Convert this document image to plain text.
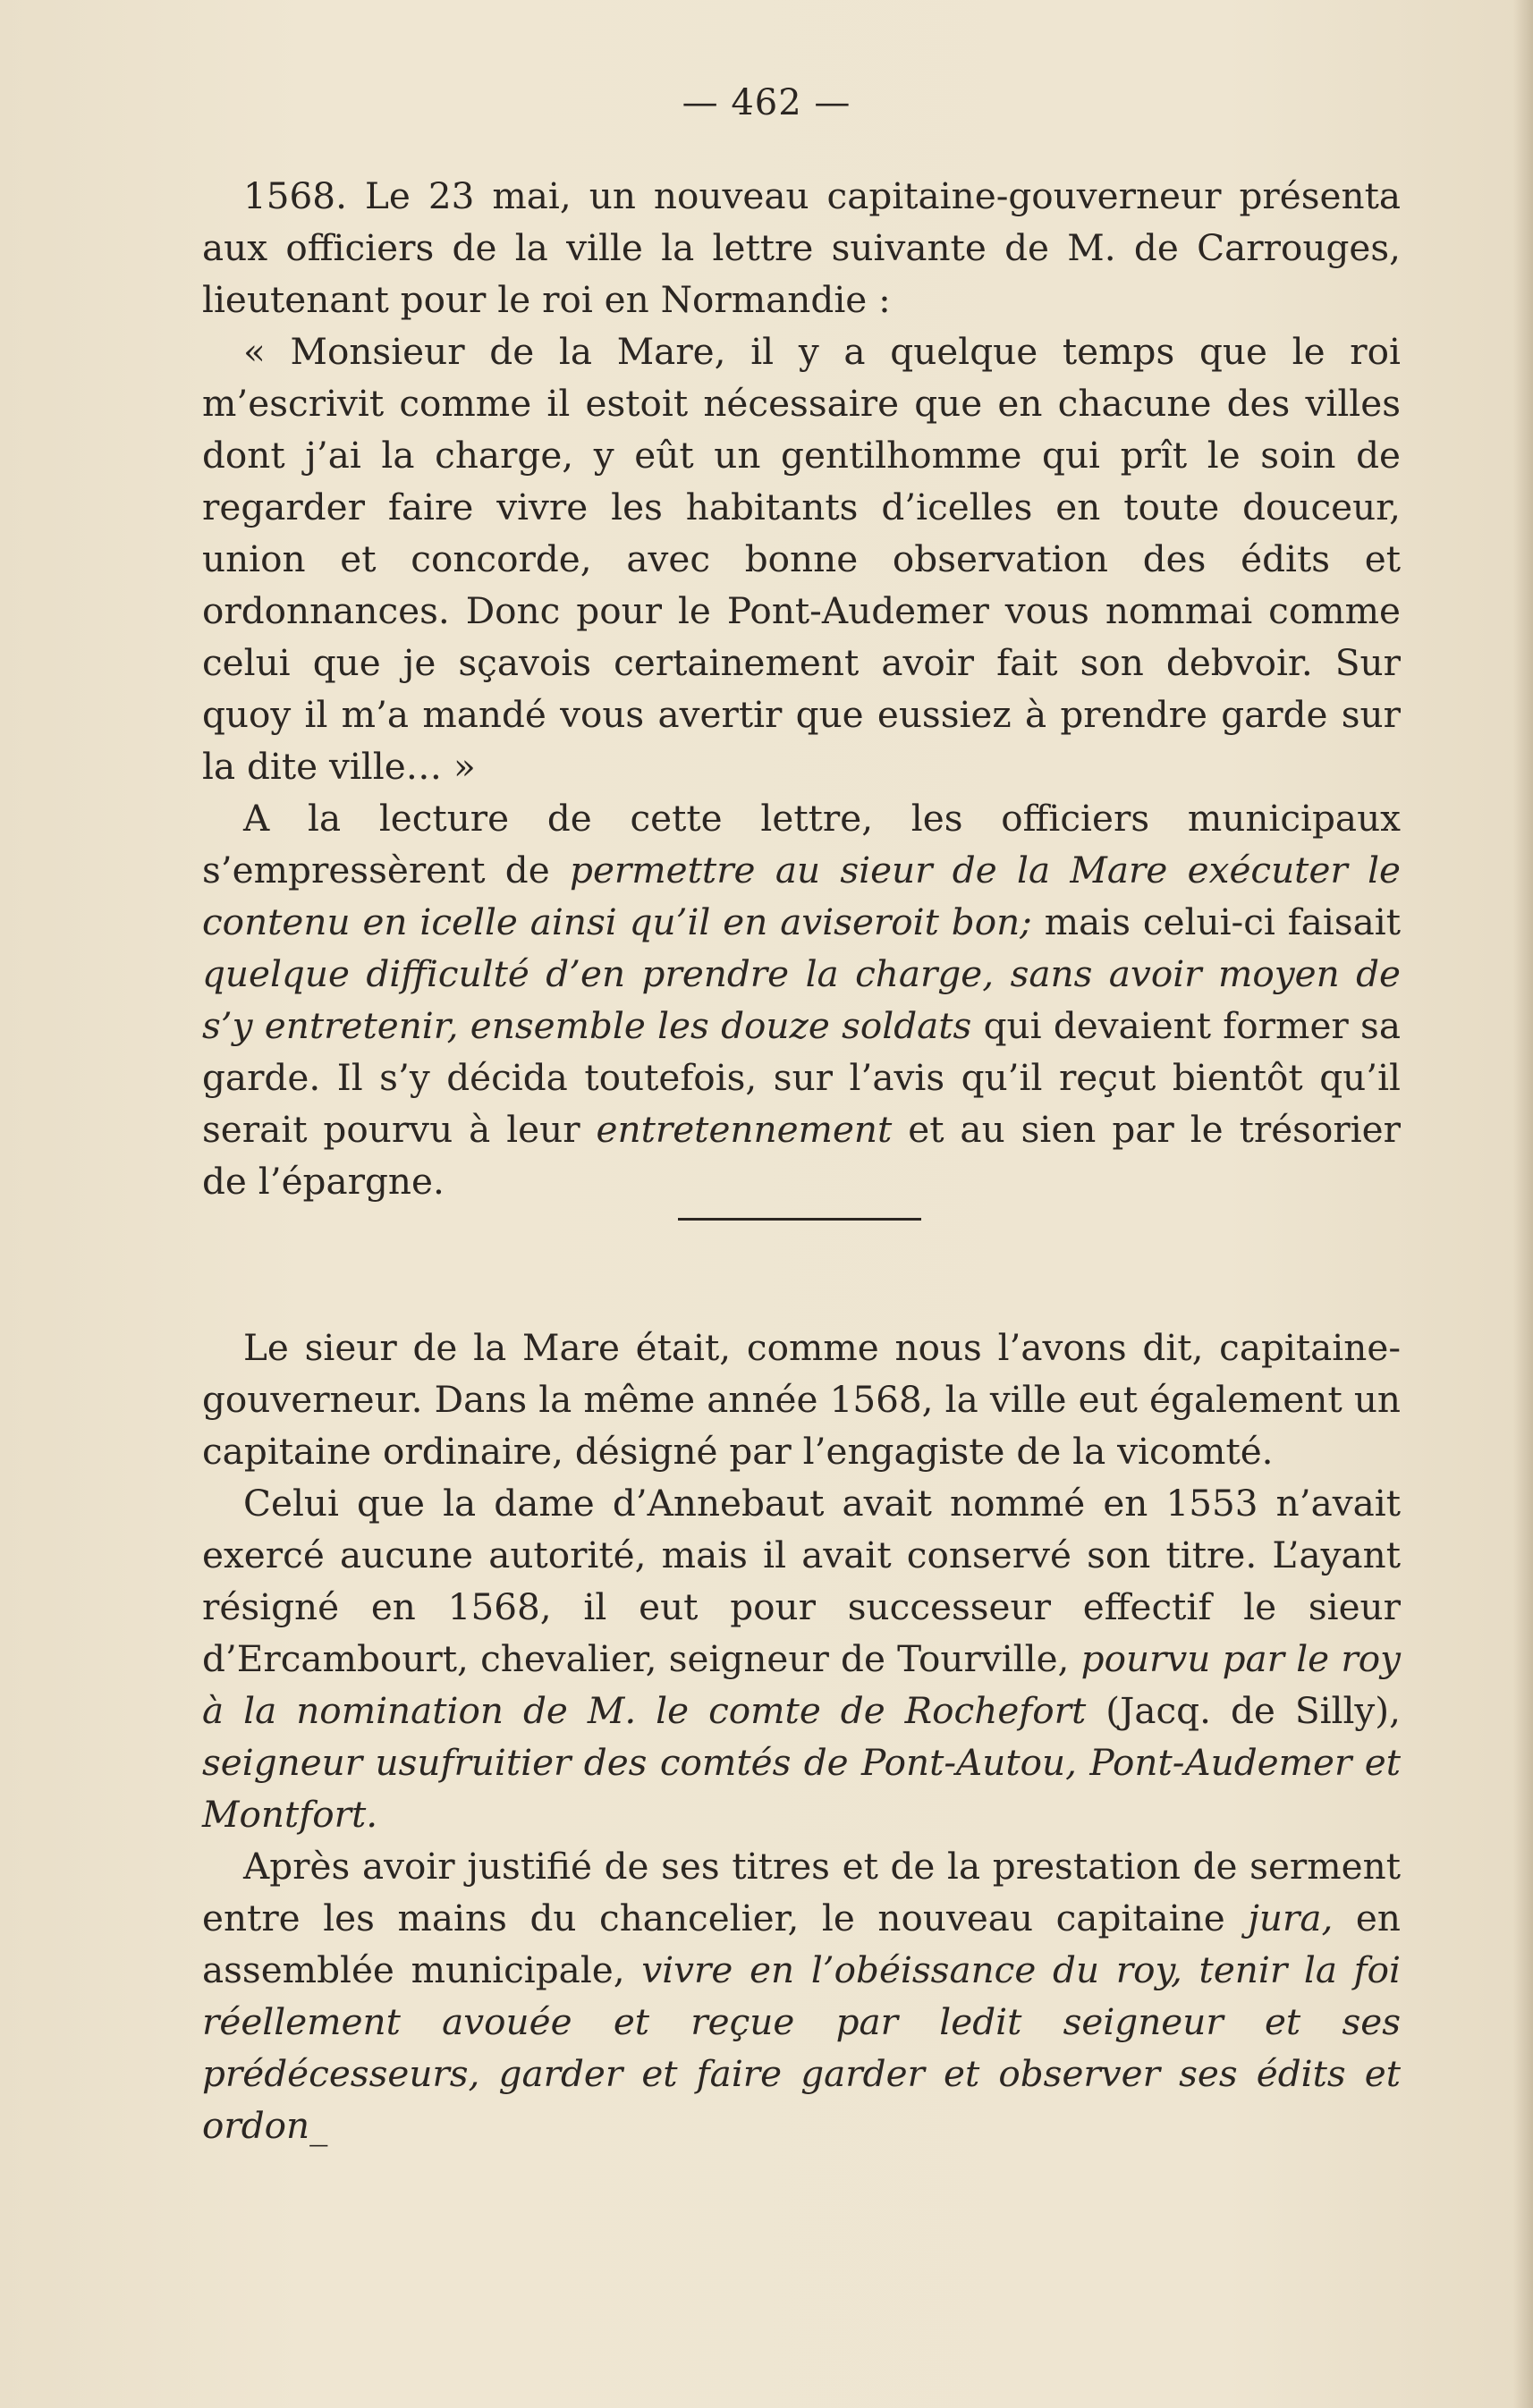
— 462 —

1568. Le 23 mai, un nouveau capitaine-gouverneur présenta aux officiers de la ville la lettre suivante de M. de Carrouges, lieutenant pour le roi en Normandie :

« Monsieur de la Mare, il y a quelque temps que le roi m’escrivit comme il estoit nécessaire que en chacune des villes dont j’ai la charge, y eût un gentilhomme qui prît le soin de regarder faire vivre les habitants d’icelles en toute douceur, union et concorde, avec bonne observation des édits et ordonnances. Donc pour le Pont-Audemer vous nommai comme celui que je sçavois certainement avoir fait son debvoir. Sur quoy il m’a mandé vous avertir que eussiez à prendre garde sur la dite ville… »

A la lecture de cette lettre, les officiers municipaux s’empressèrent de permettre au sieur de la Mare exécuter le contenu en icelle ainsi qu’il en aviseroit bon; mais celui-ci faisait quelque difficulté d’en prendre la charge, sans avoir moyen de s’y entretenir, ensemble les douze soldats qui devaient former sa garde. Il s’y décida toutefois, sur l’avis qu’il reçut bientôt qu’il serait pourvu à leur entretennement et au sien par le trésorier de l’épargne.

Le sieur de la Mare était, comme nous l’avons dit, capitaine-gouverneur. Dans la même année 1568, la ville eut également un capitaine ordinaire, désigné par l’engagiste de la vicomté.

Celui que la dame d’Annebaut avait nommé en 1553 n’avait exercé aucune autorité, mais il avait conservé son titre. L’ayant résigné en 1568, il eut pour successeur effectif le sieur d’Ercambourt, chevalier, seigneur de Tourville, pourvu par le roy à la nomination de M. le comte de Rochefort (Jacq. de Silly), seigneur usufruitier des comtés de Pont-Autou, Pont-Audemer et Montfort.

Après avoir justifié de ses titres et de la prestation de serment entre les mains du chancelier, le nouveau capitaine jura, en assemblée municipale, vivre en l’obéissance du roy, tenir la foi réellement avouée et reçue par ledit seigneur et ses prédécesseurs, garder et faire garder et observer ses édits et ordon_
